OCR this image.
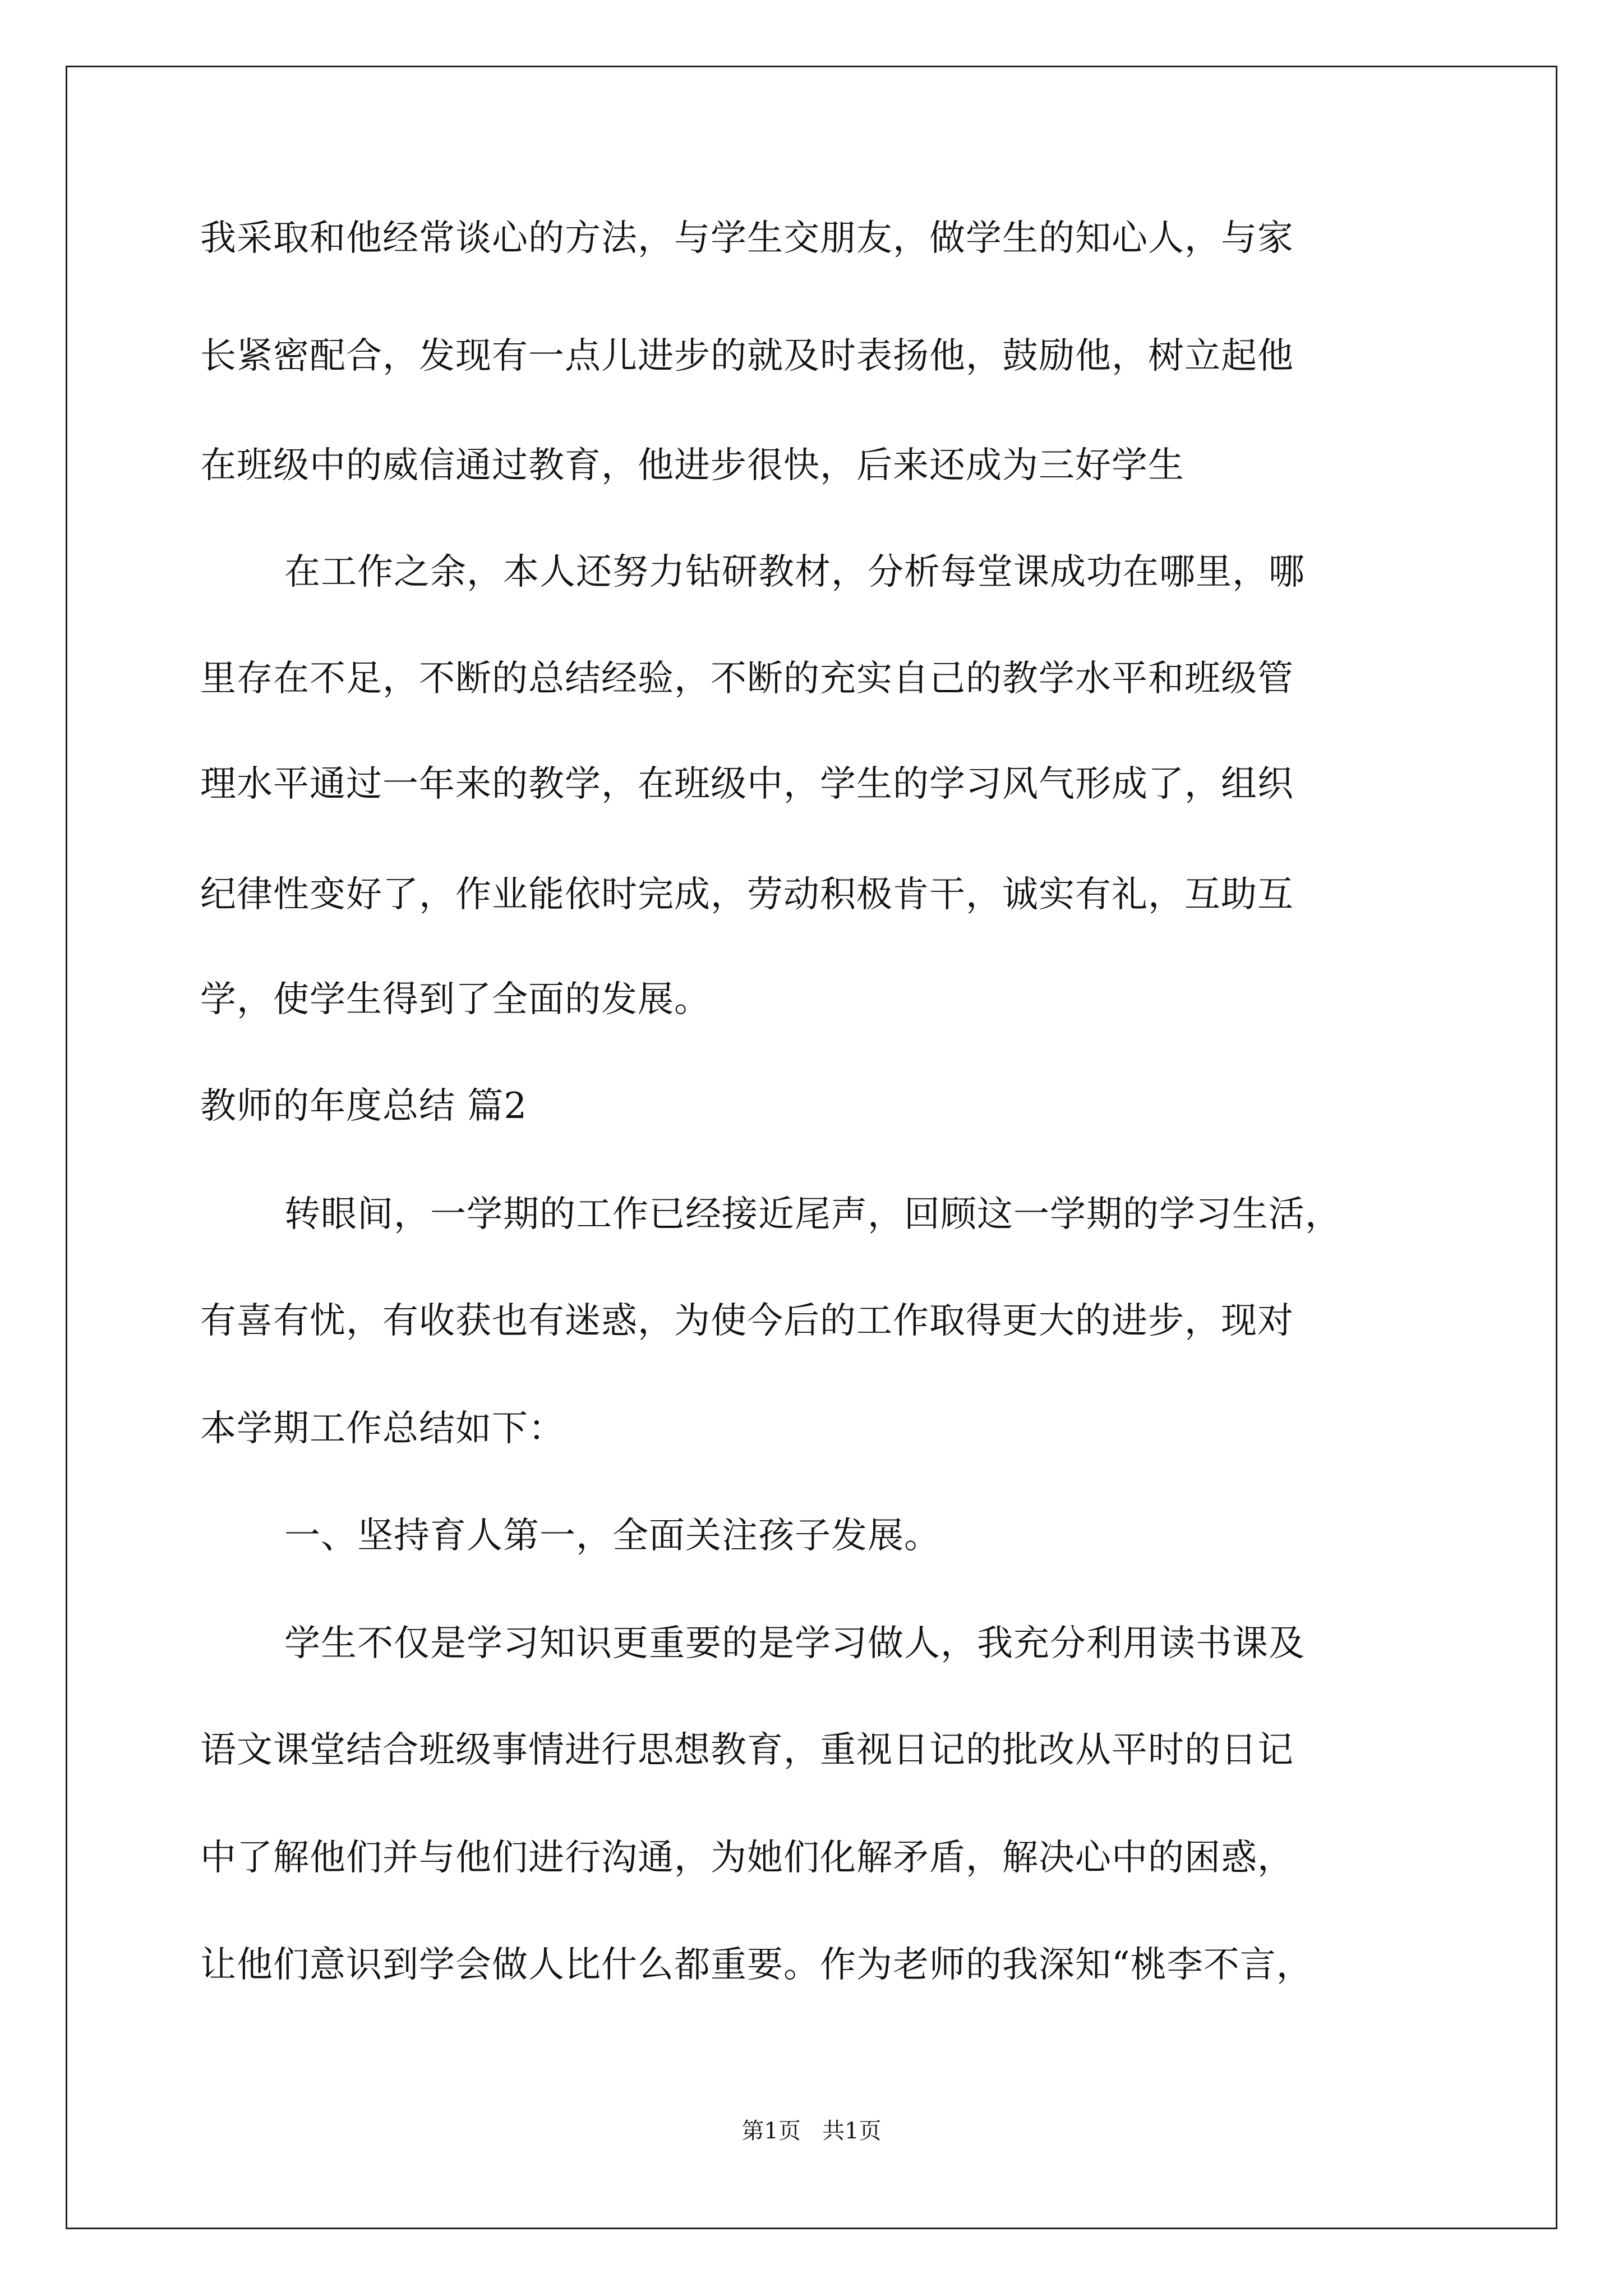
我采取和他经常谈心的方法，与学生交朋友，做学生的知心人，与家
长紧密配合，发现有一点儿进步的就及时表扬他，鼓励他，树立起他
在班级中的威信通过教育，他进步很快，后来还成为三好学生
在工作之余，本人还努力钻研教材，分析每堂课成功在哪里，哪
里存在不足，不断的总结经验，不断的充实自己的教学水平和班级管
理水平通过一年来的教学，在班级中，学生的学习风气形成了，组织
纪律性变好了，作业能依时完成，劳动积极肯干，诚实有礼，互助互
学，使学生得到了全面的发展。
教师的年度总结 篇2
转眼间，一学期的工作已经接近尾声，回顾这一学期的学习生活，
有喜有忧，有收获也有迷惑，为使今后的工作取得更大的进步，现对
本学期工作总结如下：
一、坚持育人第一，全面关注孩子发展。
学生不仅是学习知识更重要的是学习做人，我充分利用读书课及
语文课堂结合班级事情进行思想教育，重视日记的批改从平时的日记
中了解他们并与他们进行沟通，为她们化解矛盾，解决心中的困惑，
让他们意识到学会做人比什么都重要。作为老师的我深知“桃李不言，
第1页   共1页
